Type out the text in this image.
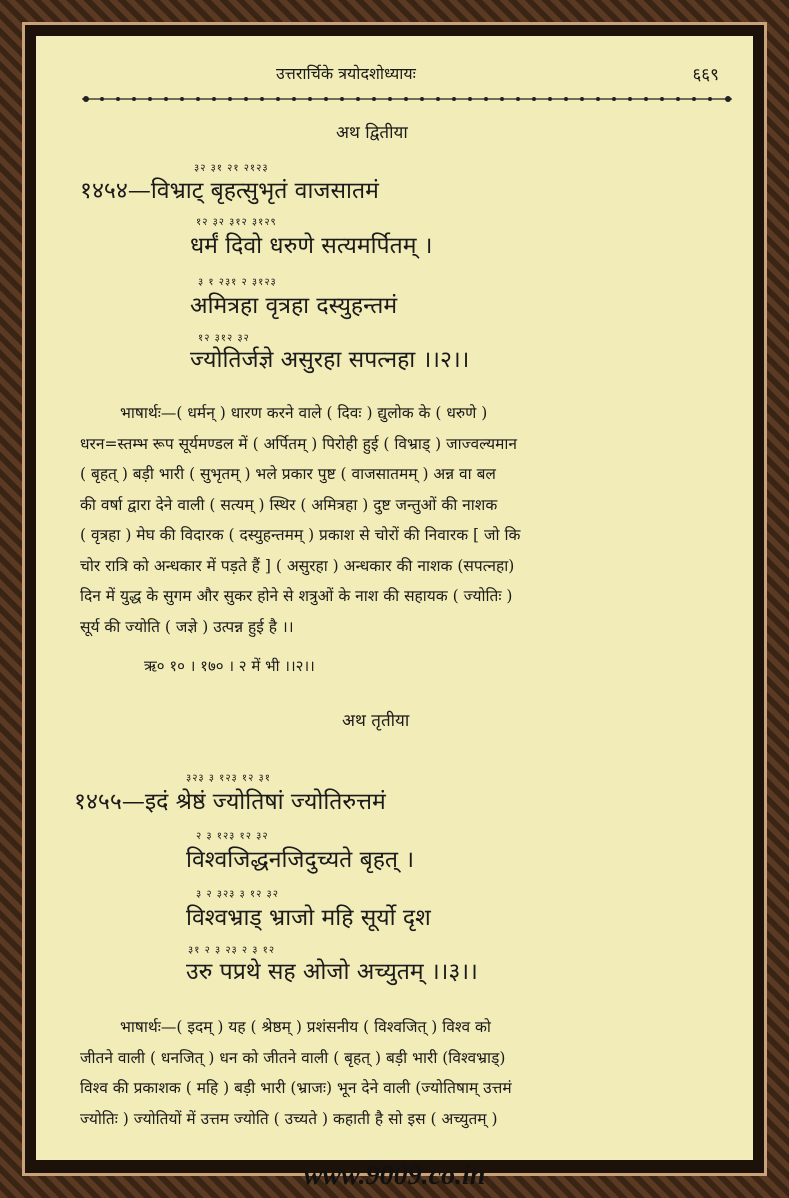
उत्तरार्चिके त्रयोदशोध्यायः	६६९
अथ द्वितीया
३२ ३१ २१ २१२३
१४५४—विभ्राट् बृहत्सुभृतं वाजसातमं
१२ ३२ ३१२ ३१२९
धर्मं दिवो धरुणे सत्यमर्पितम् ।
३ १ २३१ २ ३१२३
अमित्रहा वृत्रहा दस्युहन्तमं
१२ ३१२ ३२
ज्योतिर्जज्ञे असुरहा सपत्नहा ।।२।।

भाषार्थः—( धर्मन् ) धारण करने वाले ( दिवः ) द्युलोक के ( धरुणे )

धरन=स्तम्भ रूप सूर्यमण्डल में ( अर्पितम् ) पिरोही हुई ( विभ्राड् ) जाज्वल्यमान

( बृहत् ) बड़ी भारी ( सुभृतम् ) भले प्रकार पुष्ट ( वाजसातमम् ) अन्न वा बल

की वर्षा द्वारा देने वाली ( सत्यम् ) स्थिर ( अमित्रहा ) दुष्ट जन्तुओं की नाशक

( वृत्रहा ) मेघ की विदारक ( दस्युहन्तमम् ) प्रकाश से चोरों की निवारक [ जो कि

चोर रात्रि को अन्धकार में पड़ते हैं ] ( असुरहा ) अन्धकार की नाशक (सपत्नहा)

दिन में युद्ध के सुगम और सुकर होने से शत्रुओं के नाश की सहायक ( ज्योतिः )

सूर्य की ज्योति ( जज्ञे ) उत्पन्न हुई है ।।

ऋ० १० । १७० । २ में भी ।।२।।
अथ तृतीया
३२३ ३ १२३ १२ ३१
१४५५—इदं श्रेष्ठं ज्योतिषां ज्योतिरुत्तमं
२ ३ १२३ १२ ३२
विश्वजिद्धनजिदुच्यते बृहत् ।
३ २ ३२३ ३ १२ ३२
विश्वभ्राड् भ्राजो महि सूर्यो दृश
३१ २ ३ २३ २ ३ १२
उरु पप्रथे सह ओजो अच्युतम् ।।३।।

भाषार्थः—( इदम् ) यह ( श्रेष्ठम् ) प्रशंसनीय ( विश्वजित् ) विश्व को

जीतने वाली ( धनजित् ) धन को जीतने वाली ( बृहत् ) बड़ी भारी (विश्वभ्राड्)

विश्व की प्रकाशक ( महि ) बड़ी भारी (भ्राजः) भून देने वाली (ज्योतिषाम् उत्तमं

ज्योतिः ) ज्योतियों में उत्तम ज्योति ( उच्यते ) कहाती है सो इस ( अच्युतम् )

www.9009.co.in
